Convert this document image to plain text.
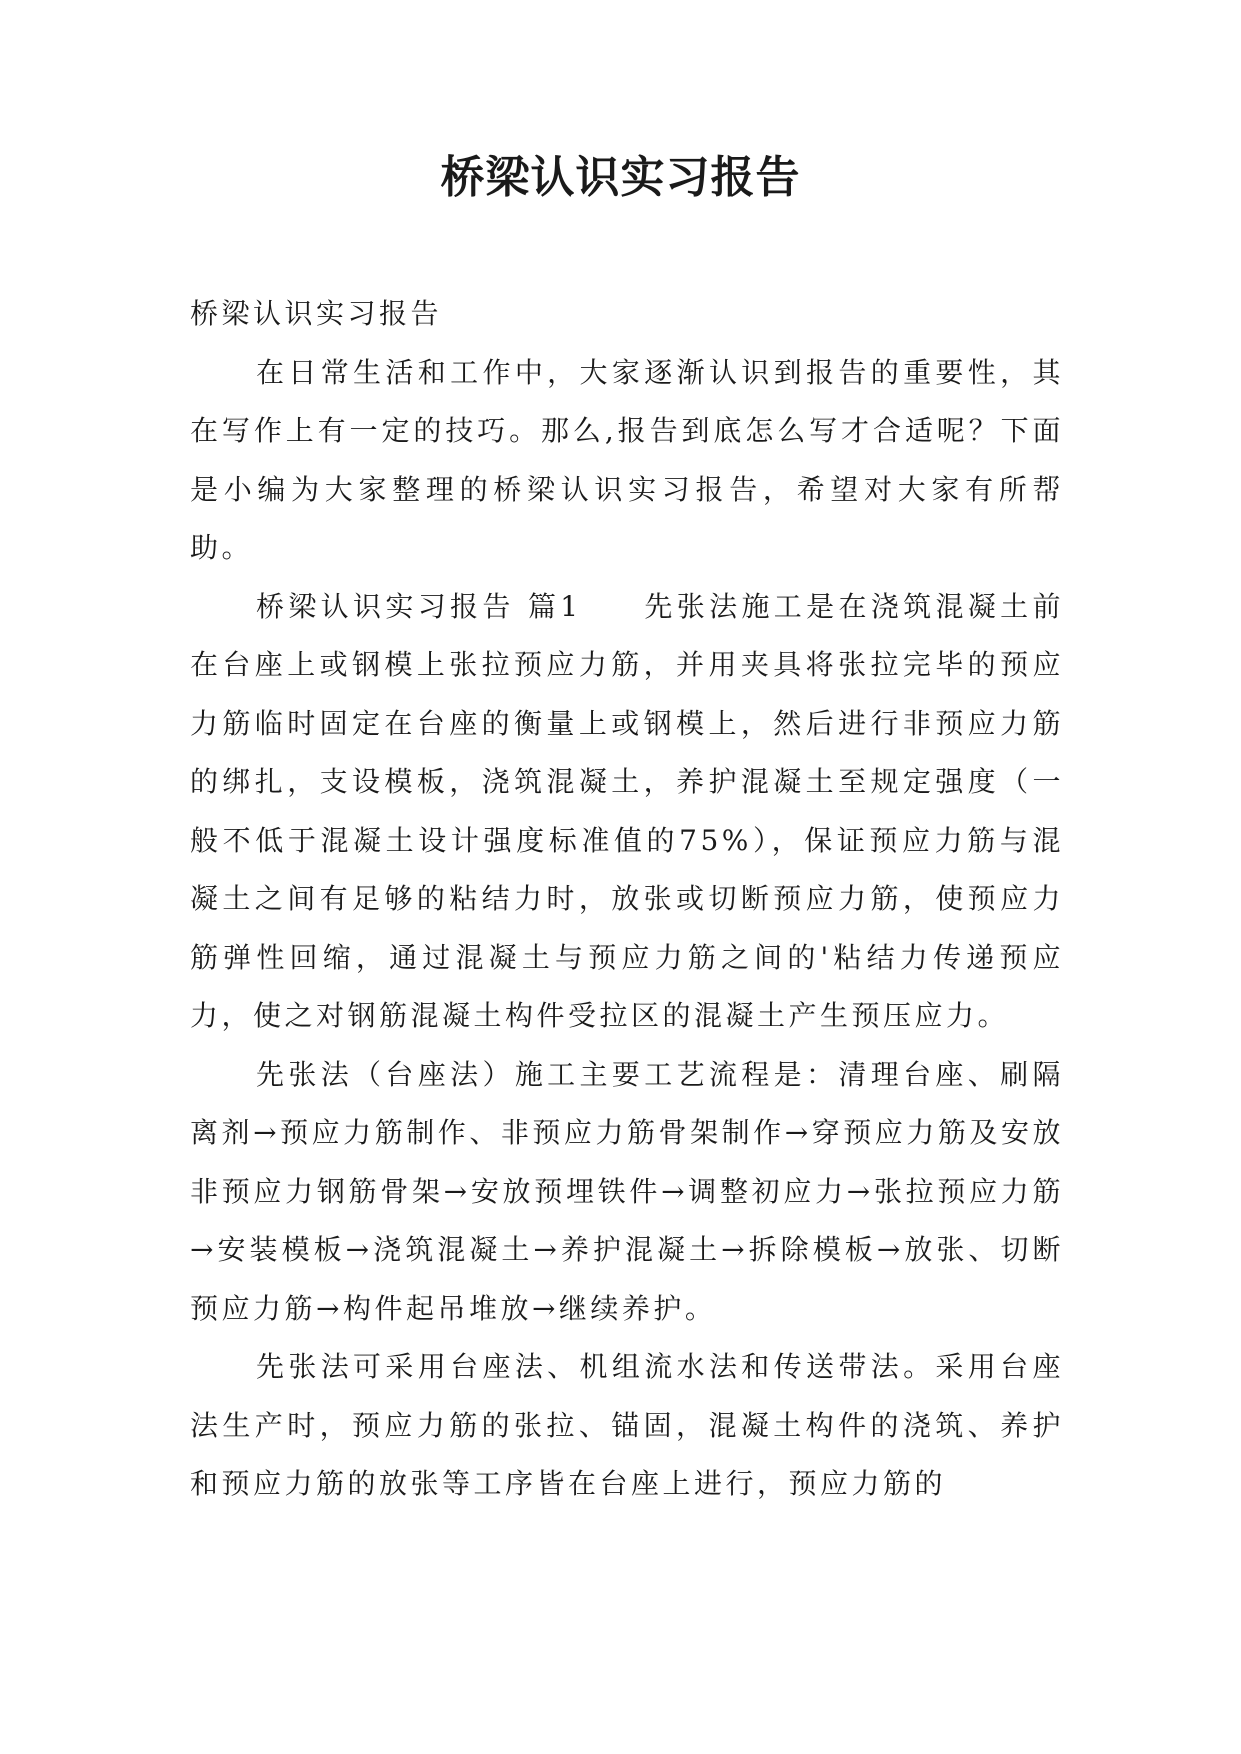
桥梁认识实习报告

桥梁认识实习报告

在日常生活和工作中，大家逐渐认识到报告的重要性，其在写作上有一定的技巧。那么,报告到底怎么写才合适呢？下面是小编为大家整理的桥梁认识实习报告，希望对大家有所帮助。

桥梁认识实习报告 篇1 先张法施工是在浇筑混凝土前在台座上或钢模上张拉预应力筋，并用夹具将张拉完毕的预应力筋临时固定在台座的衡量上或钢模上，然后进行非预应力筋的绑扎，支设模板，浇筑混凝土，养护混凝土至规定强度（一般不低于混凝土设计强度标准值的75%），保证预应力筋与混凝土之间有足够的粘结力时，放张或切断预应力筋，使预应力筋弹性回缩，通过混凝土与预应力筋之间的'粘结力传递预应力，使之对钢筋混凝土构件受拉区的混凝土产生预压应力。

先张法（台座法）施工主要工艺流程是：清理台座、刷隔离剂→预应力筋制作、非预应力筋骨架制作→穿预应力筋及安放非预应力钢筋骨架→安放预埋铁件→调整初应力→张拉预应力筋→安装模板→浇筑混凝土→养护混凝土→拆除模板→放张、切断预应力筋→构件起吊堆放→继续养护。

先张法可采用台座法、机组流水法和传送带法。采用台座法生产时，预应力筋的张拉、锚固，混凝土构件的浇筑、养护和预应力筋的放张等工序皆在台座上进行，预应力筋的
